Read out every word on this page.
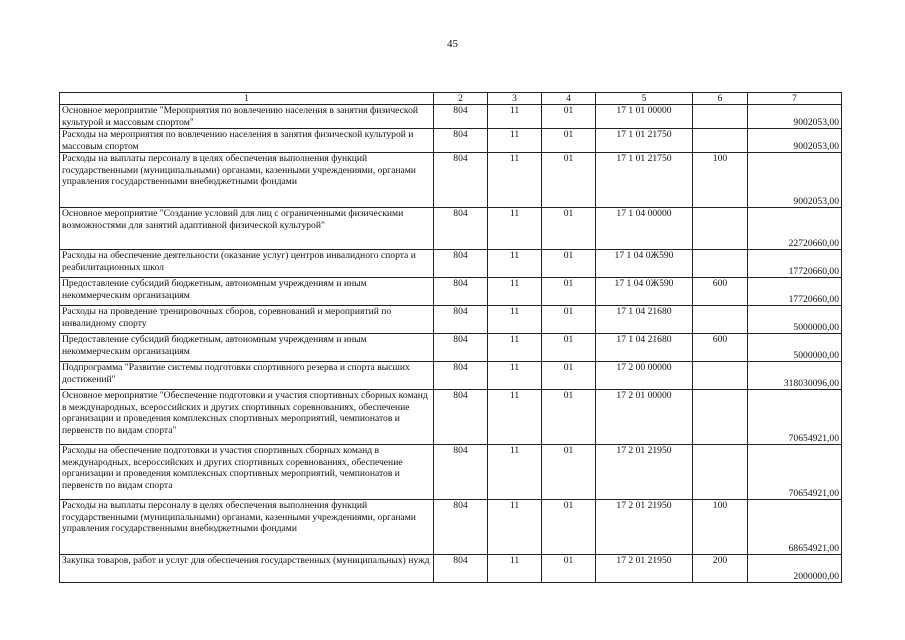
45
1	2	3	4	5	6	7
Основное мероприятие "Мероприятия по вовлечению населения в занятия физической культурой и массовым спортом"	804	11	01	17 1 01 00000		9002053,00
Расходы на мероприятия по вовлечению населения в занятия физической культурой и массовым спортом	804	11	01	17 1 01 21750		9002053,00
Расходы на выплаты персоналу в целях обеспечения выполнения функций государственными (муниципальными) органами, казенными учреждениями, органами управления государственными внебюджетными фондами	804	11	01	17 1 01 21750	100	9002053,00
Основное мероприятие "Создание условий для лиц с ограниченными физическими возможностями для занятий адаптивной физической культурой"	804	11	01	17 1 04 00000		22720660,00
Расходы на обеспечение деятельности (оказание услуг) центров инвалидного спорта и реабилитационных школ	804	11	01	17 1 04 0Ж590		17720660,00
Предоставление субсидий бюджетным, автономным учреждениям и иным некоммерческим организациям	804	11	01	17 1 04 0Ж590	600	17720660,00
Расходы на проведение тренировочных сборов, соревнований и мероприятий по инвалидному спорту	804	11	01	17 1 04 21680		5000000,00
Предоставление субсидий бюджетным, автономным учреждениям и иным некоммерческим организациям	804	11	01	17 1 04 21680	600	5000000,00
Подпрограмма "Развитие системы подготовки спортивного резерва и спорта высших достижений"	804	11	01	17 2 00 00000		318030096,00
Основное мероприятие "Обеспечение подготовки и участия спортивных сборных команд в международных, всероссийских и других спортивных соревнованиях, обеспечение организации и проведения комплексных спортивных мероприятий, чемпионатов и первенств по видам спорта"	804	11	01	17 2 01 00000		70654921,00
Расходы на обеспечение подготовки и участия спортивных сборных команд в международных, всероссийских и других спортивных соревнованиях, обеспечение организации и проведения комплексных спортивных мероприятий, чемпионатов и первенств по видам спорта	804	11	01	17 2 01 21950		70654921,00
Расходы на выплаты персоналу в целях обеспечения выполнения функций государственными (муниципальными) органами, казенными учреждениями, органами управления государственными внебюджетными фондами	804	11	01	17 2 01 21950	100	68654921,00
Закупка товаров, работ и услуг для обеспечения государственных (муниципальных) нужд	804	11	01	17 2 01 21950	200	2000000,00
